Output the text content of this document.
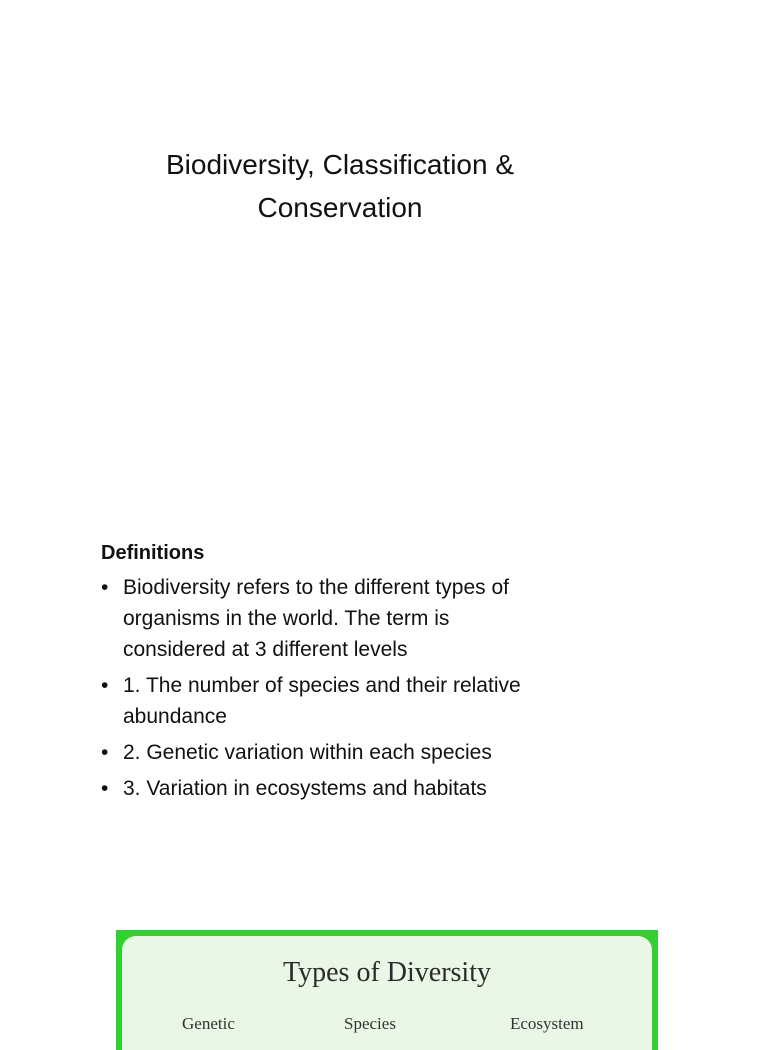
Biodiversity, Classification &
Conservation
Definitions
• Biodiversity refers to the different types of
organisms in the world. The term is
considered at 3 different levels
• 1. The number of species and their relative
abundance
• 2. Genetic variation within each species
• 3. Variation in ecosystems and habitats
Types of Diversity
Genetic	Species	Ecosystem
